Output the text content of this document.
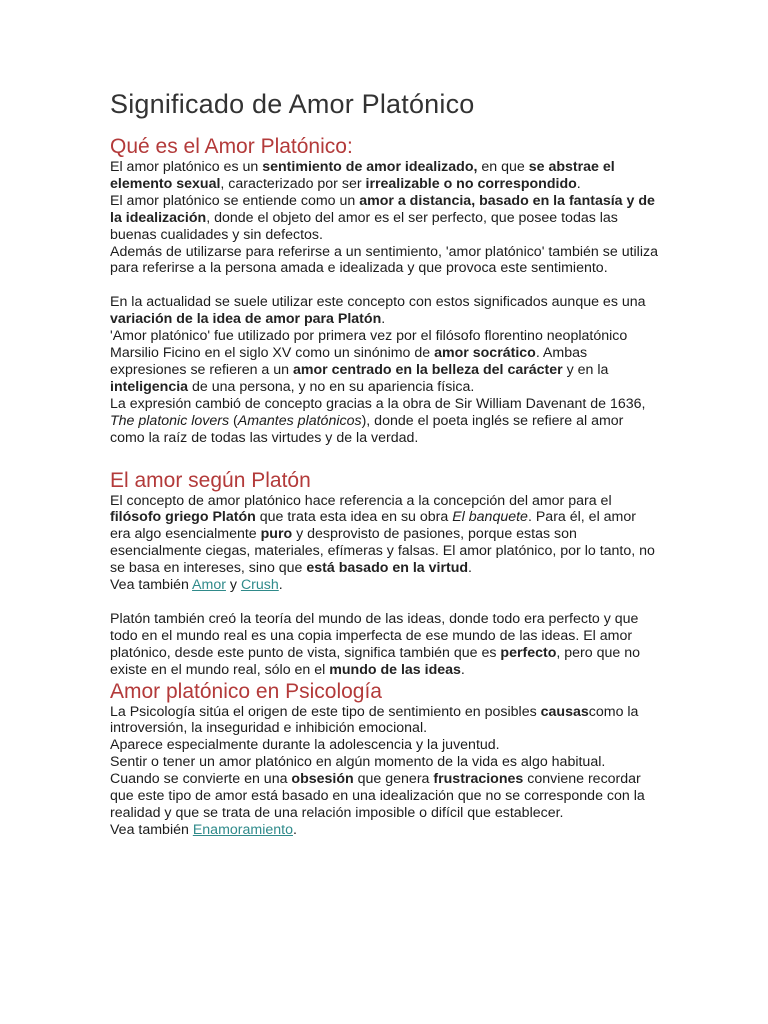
Significado de Amor Platónico
Qué es el Amor Platónico:

El amor platónico es un sentimiento de amor idealizado, en que se abstrae el elemento sexual, caracterizado por ser irrealizable o no correspondido.

El amor platónico se entiende como un amor a distancia, basado en la fantasía y de la idealización, donde el objeto del amor es el ser perfecto, que posee todas las buenas cualidades y sin defectos.

Además de utilizarse para referirse a un sentimiento, 'amor platónico' también se utiliza para referirse a la persona amada e idealizada y que provoca este sentimiento.

En la actualidad se suele utilizar este concepto con estos significados aunque es una variación de la idea de amor para Platón.

'Amor platónico' fue utilizado por primera vez por el filósofo florentino neoplatónico Marsilio Ficino en el siglo XV como un sinónimo de amor socrático. Ambas expresiones se refieren a un amor centrado en la belleza del carácter y en la inteligencia de una persona, y no en su apariencia física.

La expresión cambió de concepto gracias a la obra de Sir William Davenant de 1636, The platonic lovers (Amantes platónicos), donde el poeta inglés se refiere al amor como la raíz de todas las virtudes y de la verdad.

El amor según Platón

El concepto de amor platónico hace referencia a la concepción del amor para el filósofo griego Platón que trata esta idea en su obra El banquete. Para él, el amor era algo esencialmente puro y desprovisto de pasiones, porque estas son esencialmente ciegas, materiales, efímeras y falsas. El amor platónico, por lo tanto, no se basa en intereses, sino que está basado en la virtud.

Vea también Amor y Crush.

Platón también creó la teoría del mundo de las ideas, donde todo era perfecto y que todo en el mundo real es una copia imperfecta de ese mundo de las ideas. El amor platónico, desde este punto de vista, significa también que es perfecto, pero que no existe en el mundo real, sólo en el mundo de las ideas.

Amor platónico en Psicología

La Psicología sitúa el origen de este tipo de sentimiento en posibles causascomo la introversión, la inseguridad e inhibición emocional.

Aparece especialmente durante la adolescencia y la juventud.

Sentir o tener un amor platónico en algún momento de la vida es algo habitual.

Cuando se convierte en una obsesión que genera frustraciones conviene recordar que este tipo de amor está basado en una idealización que no se corresponde con la realidad y que se trata de una relación imposible o difícil que establecer.

Vea también Enamoramiento.
